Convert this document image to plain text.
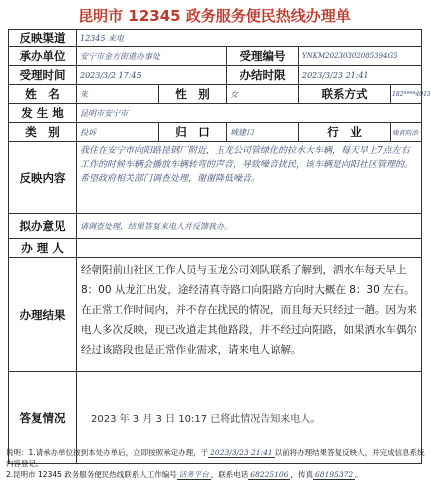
昆明市 12345 政务服务便民热线办理单
反映渠道	12345 来电				
承办单位	安宁市金方街道办事处		受理编号	YNKM20230302085394G5	
受理时间	2023/3/2 17:45		办结时限	2023/3/23 21:41	
姓　名	朱	性　别	女	联系方式	182****4015
发 生 地	昆明市安宁市				
类　别	投诉	归　口	城建口	行　业	噪音防治
反映内容	我住在安宁市向阳路昆钢厂附近，玉龙公司管绿化的拉水大车辆，每天早上7点左右工作的时候车辆会播放车辆转弯的声音，导致噪音扰民，该车辆是向阳社区管理的。希望政府相关部门调查处理，谢谢降低噪音。				
拟办意见	请调查处理，结果答复来电人并反馈我办。				
办 理 人					
办理结果	经朝阳前山社区工作人员与玉龙公司刘队联系了解到，洒水车每天早上 8：00 从龙汇出发，途经清真寺路口向阳路方向时大概在 8：30 左右。在正常工作时间内，并不存在扰民的情况，而且每天只经过一趟。因为来电人多次反映，现已改道走其他路段，并不经过向阳路，如果洒水车偶尔经过该路段也是正常作业需求，请来电人谅解。				
答复情况	2023 年 3 月 3 日 10:17 已将此情况告知来电人。				
说明：1.请承办单位按到本处办单后，立即按照承定办理，于 2023/3/23 21:41 以前将办理结果答复反映人，并完成信息系统内容登记。
2.昆明市 12345 政务服务便民热线联系人工作编号 话务平台 ，联系电话 68225106 ，传真 68195372 。
